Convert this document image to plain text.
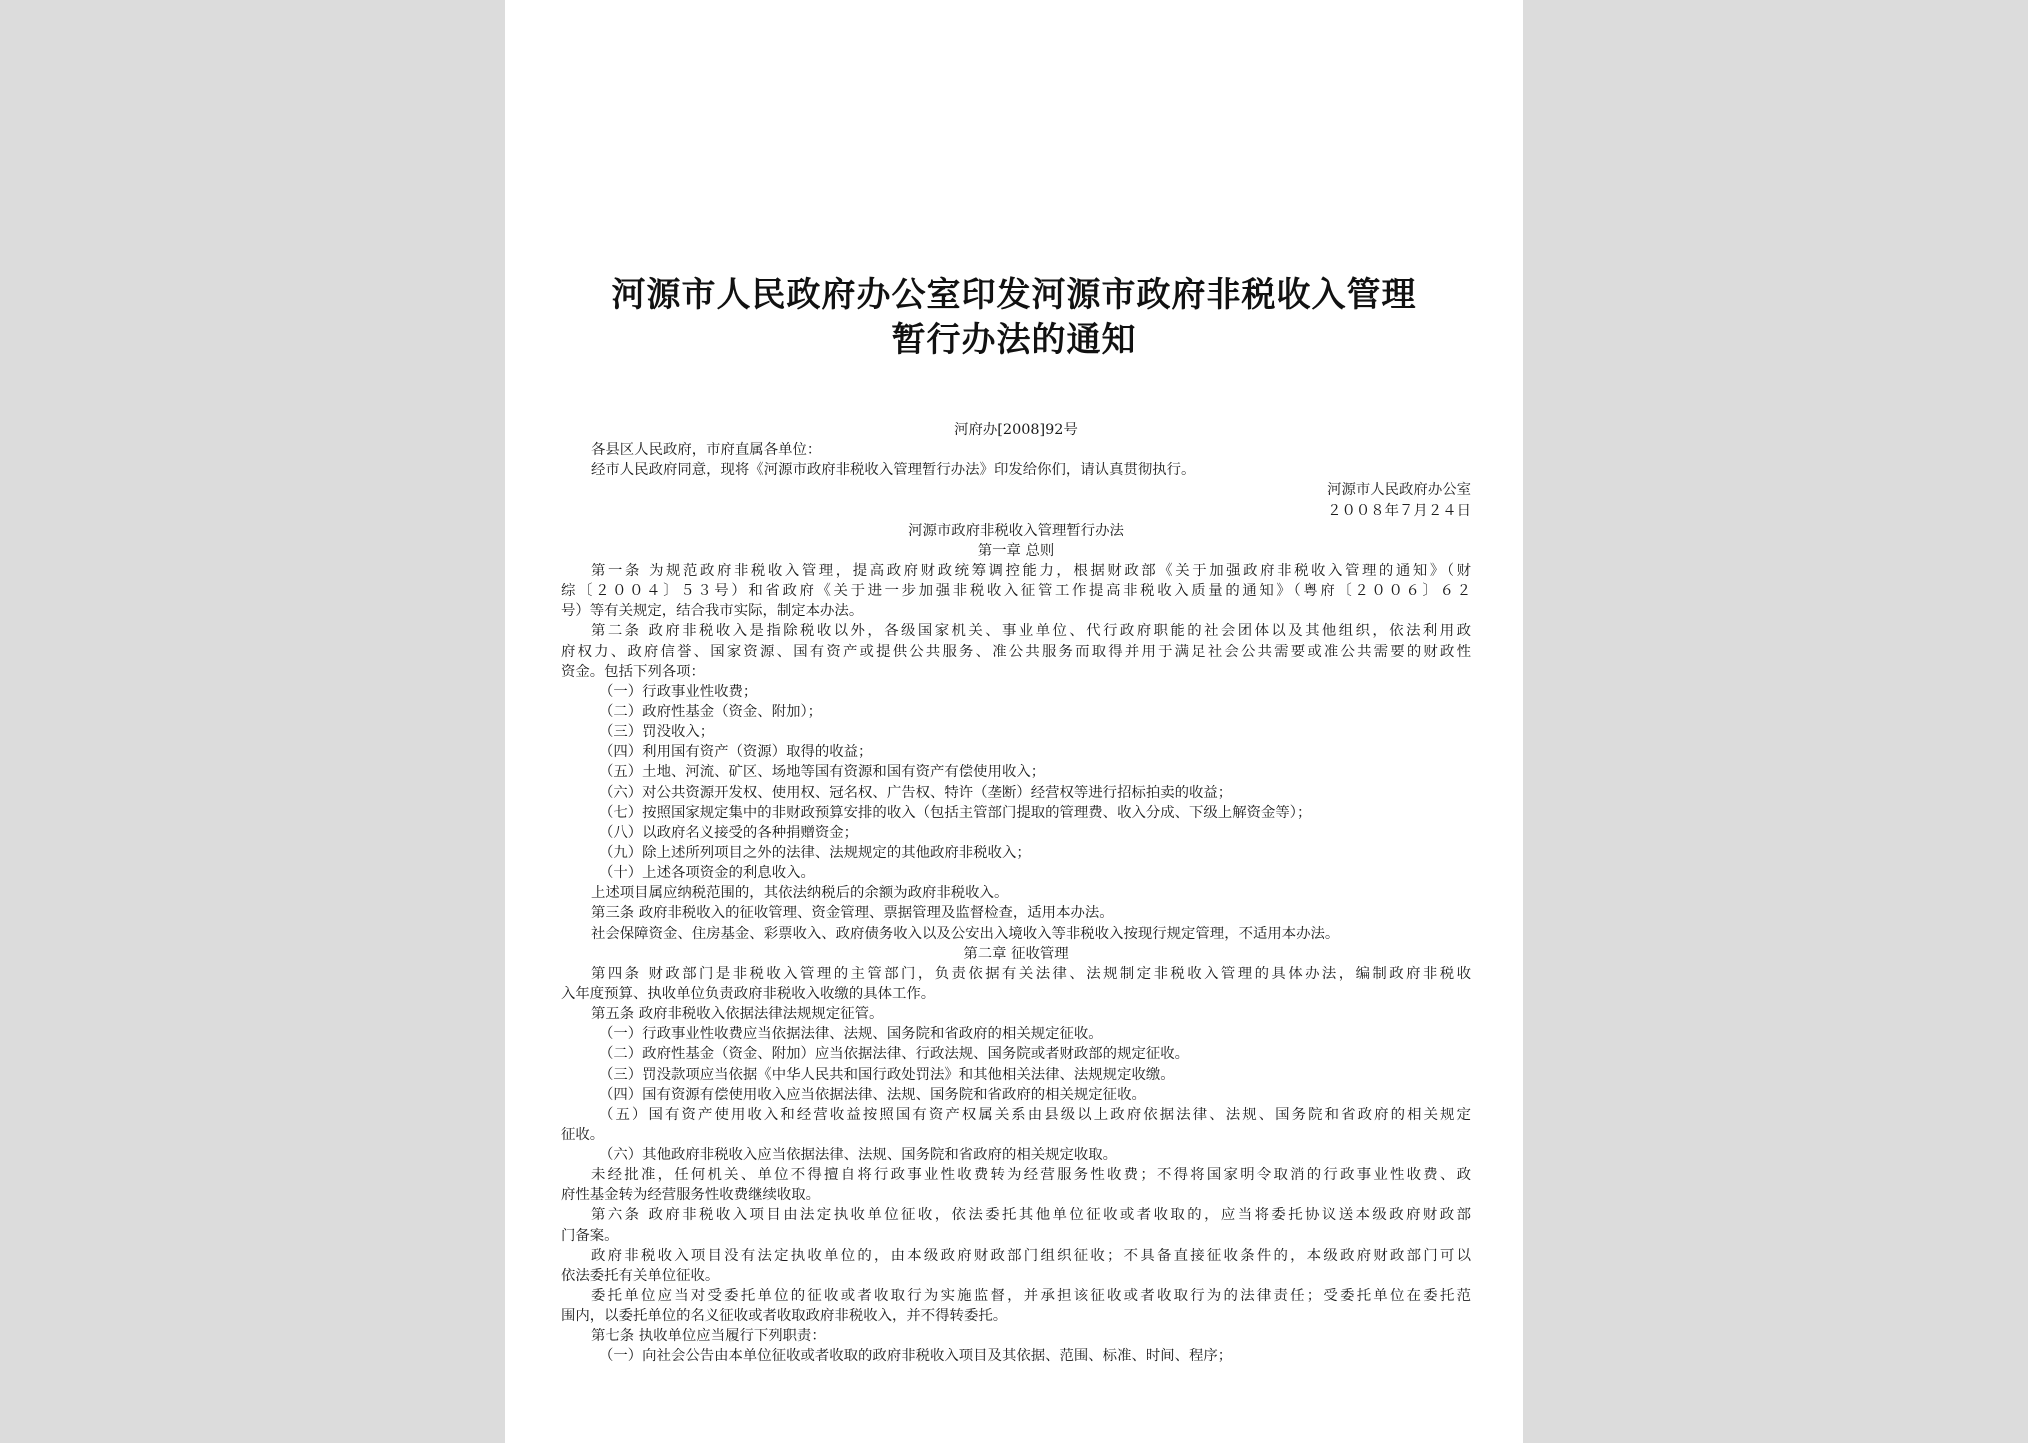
河源市人民政府办公室印发河源市政府非税收入管理
暂行办法的通知
河府办[2008]92号
各县区人民政府，市府直属各单位：
经市人民政府同意，现将《河源市政府非税收入管理暂行办法》印发给你们，请认真贯彻执行。
河源市人民政府办公室
２００８年７月２４日
河源市政府非税收入管理暂行办法
第一章 总则
第一条 为规范政府非税收入管理，提高政府财政统筹调控能力，根据财政部《关于加强政府非税收入管理的通知》（财
综〔２００４〕５３号）和省政府《关于进一步加强非税收入征管工作提高非税收入质量的通知》（粤府〔２００６〕６２
号）等有关规定，结合我市实际，制定本办法。
第二条 政府非税收入是指除税收以外，各级国家机关、事业单位、代行政府职能的社会团体以及其他组织，依法利用政
府权力、政府信誉、国家资源、国有资产或提供公共服务、准公共服务而取得并用于满足社会公共需要或准公共需要的财政性
资金。包括下列各项：
（一）行政事业性收费；
（二）政府性基金（资金、附加）；
（三）罚没收入；
（四）利用国有资产（资源）取得的收益；
（五）土地、河流、矿区、场地等国有资源和国有资产有偿使用收入；
（六）对公共资源开发权、使用权、冠名权、广告权、特许（垄断）经营权等进行招标拍卖的收益；
（七）按照国家规定集中的非财政预算安排的收入（包括主管部门提取的管理费、收入分成、下级上解资金等）；
（八）以政府名义接受的各种捐赠资金；
（九）除上述所列项目之外的法律、法规规定的其他政府非税收入；
（十）上述各项资金的利息收入。
上述项目属应纳税范围的，其依法纳税后的余额为政府非税收入。
第三条 政府非税收入的征收管理、资金管理、票据管理及监督检查，适用本办法。
社会保障资金、住房基金、彩票收入、政府债务收入以及公安出入境收入等非税收入按现行规定管理，不适用本办法。
第二章 征收管理
第四条 财政部门是非税收入管理的主管部门，负责依据有关法律、法规制定非税收入管理的具体办法，编制政府非税收
入年度预算、执收单位负责政府非税收入收缴的具体工作。
第五条 政府非税收入依据法律法规规定征管。
（一）行政事业性收费应当依据法律、法规、国务院和省政府的相关规定征收。
（二）政府性基金（资金、附加）应当依据法律、行政法规、国务院或者财政部的规定征收。
（三）罚没款项应当依据《中华人民共和国行政处罚法》和其他相关法律、法规规定收缴。
（四）国有资源有偿使用收入应当依据法律、法规、国务院和省政府的相关规定征收。
（五）国有资产使用收入和经营收益按照国有资产权属关系由县级以上政府依据法律、法规、国务院和省政府的相关规定
征收。
（六）其他政府非税收入应当依据法律、法规、国务院和省政府的相关规定收取。
未经批准，任何机关、单位不得擅自将行政事业性收费转为经营服务性收费；不得将国家明令取消的行政事业性收费、政
府性基金转为经营服务性收费继续收取。
第六条 政府非税收入项目由法定执收单位征收，依法委托其他单位征收或者收取的，应当将委托协议送本级政府财政部
门备案。
政府非税收入项目没有法定执收单位的，由本级政府财政部门组织征收；不具备直接征收条件的，本级政府财政部门可以
依法委托有关单位征收。
委托单位应当对受委托单位的征收或者收取行为实施监督，并承担该征收或者收取行为的法律责任；受委托单位在委托范
围内，以委托单位的名义征收或者收取政府非税收入，并不得转委托。
第七条 执收单位应当履行下列职责：
（一）向社会公告由本单位征收或者收取的政府非税收入项目及其依据、范围、标准、时间、程序；
